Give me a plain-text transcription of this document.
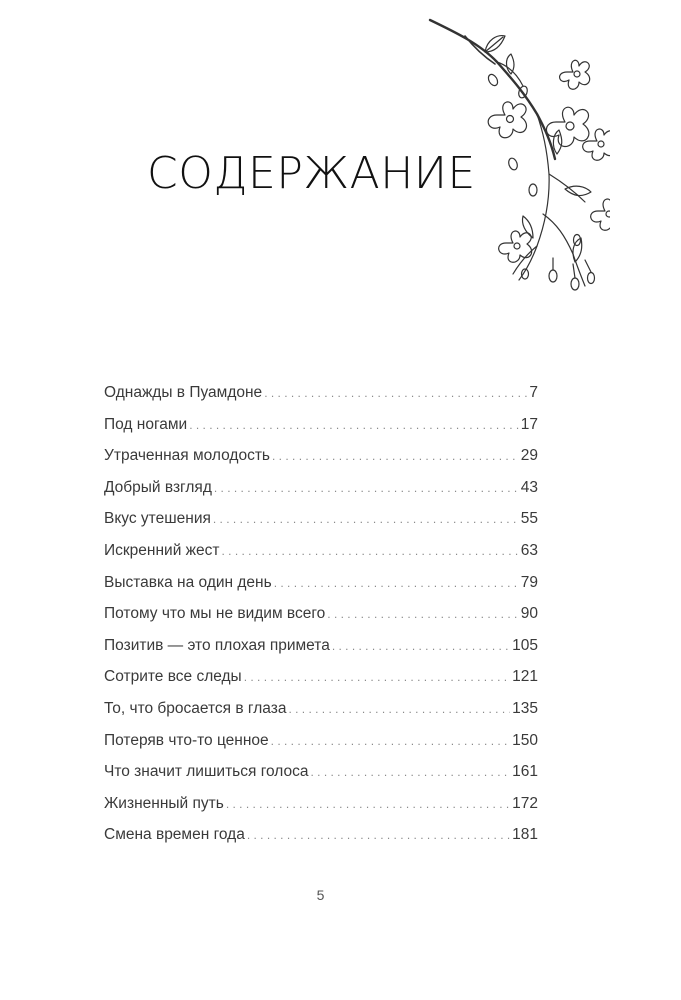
СОДЕРЖАНИЕ
Однажды в Пуамдоне . . .	7
Под ногами . . .	17
Утраченная молодость . . .	29
Добрый взгляд . . .	43
Вкус утешения . . .	55
Искренний жест . . .	63
Выставка на один день . . .	79
Потому что мы не видим всего . . .	90
Позитив — это плохая примета . . .	105
Сотрите все следы . . .	121
То, что бросается в глаза . . .	135
Потеряв что-то ценное . . .	150
Что значит лишиться голоса . . .	161
Жизненный путь . . .	172
Смена времен года . . .	181
5
